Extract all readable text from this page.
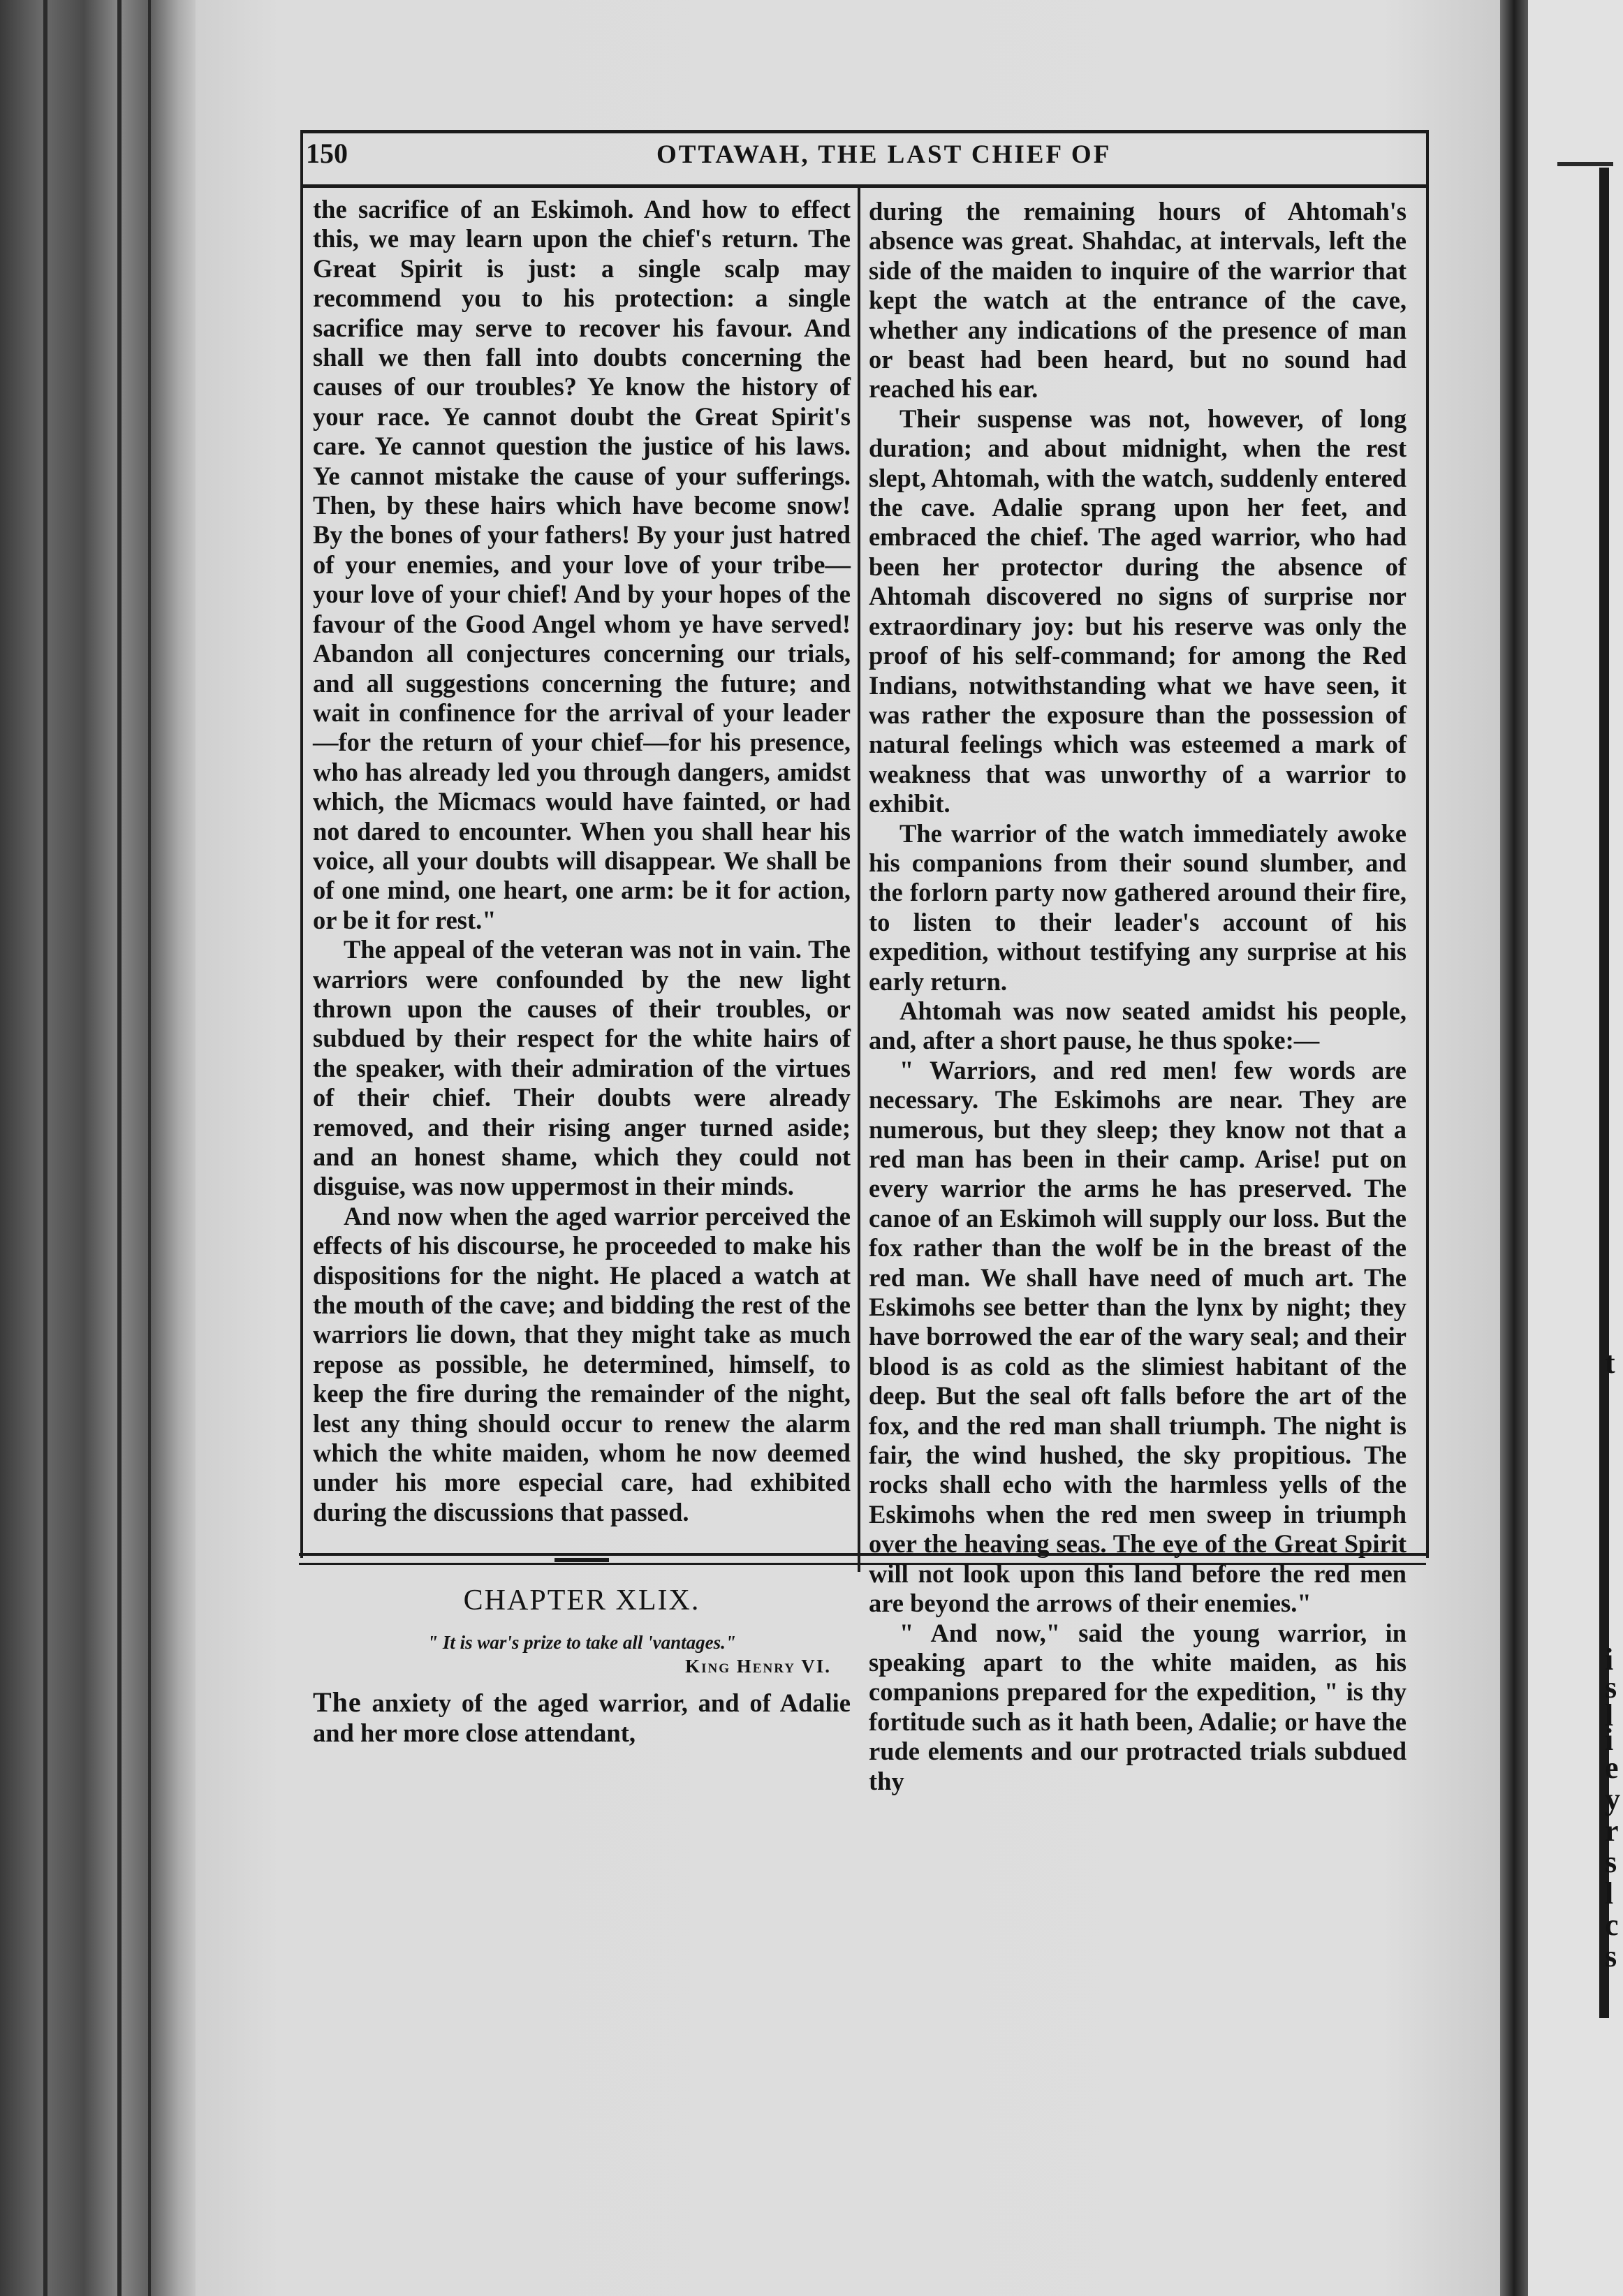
t
i
s
l
i
e
y
r
s
l
c
s
150	OTTAWAH, THE LAST CHIEF OF

the sacrifice of an Eskimoh. And how to effect this, we may learn upon the chief's return. The Great Spirit is just: a single scalp may recommend you to his protection: a single sacrifice may serve to recover his favour. And shall we then fall into doubts concerning the causes of our troubles? Ye know the history of your race. Ye cannot doubt the Great Spirit's care. Ye cannot question the justice of his laws. Ye cannot mistake the cause of your sufferings. Then, by these hairs which have become snow! By the bones of your fathers! By your just hatred of your enemies, and your love of your tribe—your love of your chief! And by your hopes of the favour of the Good Angel whom ye have served! Abandon all conjectures concerning our trials, and all suggestions concerning the future; and wait in confinence for the arrival of your leader—for the return of your chief—for his presence, who has already led you through dangers, amidst which, the Micmacs would have fainted, or had not dared to encounter. When you shall hear his voice, all your doubts will disappear. We shall be of one mind, one heart, one arm: be it for action, or be it for rest."

The appeal of the veteran was not in vain. The warriors were confounded by the new light thrown upon the causes of their troubles, or subdued by their respect for the white hairs of the speaker, with their admiration of the virtues of their chief. Their doubts were already removed, and their rising anger turned aside; and an honest shame, which they could not disguise, was now uppermost in their minds.

And now when the aged warrior perceived the effects of his discourse, he proceeded to make his dispositions for the night. He placed a watch at the mouth of the cave; and bidding the rest of the warriors lie down, that they might take as much repose as possible, he determined, himself, to keep the fire during the remainder of the night, lest any thing should occur to renew the alarm which the white maiden, whom he now deemed under his more especial care, had exhibited during the discussions that passed.

CHAPTER XLIX.
" It is war's prize to take all 'vantages."
King Henry VI.

The anxiety of the aged warrior, and of Adalie and her more close attendant,

during the remaining hours of Ahtomah's absence was great. Shahdac, at intervals, left the side of the maiden to inquire of the warrior that kept the watch at the entrance of the cave, whether any indications of the presence of man or beast had been heard, but no sound had reached his ear.

Their suspense was not, however, of long duration; and about midnight, when the rest slept, Ahtomah, with the watch, suddenly entered the cave. Adalie sprang upon her feet, and embraced the chief. The aged warrior, who had been her protector during the absence of Ahtomah discovered no signs of surprise nor extraordinary joy: but his reserve was only the proof of his self-command; for among the Red Indians, notwithstanding what we have seen, it was rather the exposure than the possession of natural feelings which was esteemed a mark of weakness that was unworthy of a warrior to exhibit.

The warrior of the watch immediately awoke his companions from their sound slumber, and the forlorn party now gathered around their fire, to listen to their leader's account of his expedition, without testifying any surprise at his early return.

Ahtomah was now seated amidst his people, and, after a short pause, he thus spoke:—

" Warriors, and red men! few words are necessary. The Eskimohs are near. They are numerous, but they sleep; they know not that a red man has been in their camp. Arise! put on every warrior the arms he has preserved. The canoe of an Eskimoh will supply our loss. But the fox rather than the wolf be in the breast of the red man. We shall have need of much art. The Eskimohs see better than the lynx by night; they have borrowed the ear of the wary seal; and their blood is as cold as the slimiest habitant of the deep. But the seal oft falls before the art of the fox, and the red man shall triumph. The night is fair, the wind hushed, the sky propitious. The rocks shall echo with the harmless yells of the Eskimohs when the red men sweep in triumph over the heaving seas. The eye of the Great Spirit will not look upon this land before the red men are beyond the arrows of their enemies."

" And now," said the young warrior, in speaking apart to the white maiden, as his companions prepared for the expedition, " is thy fortitude such as it hath been, Adalie; or have the rude elements and our protracted trials subdued thy
